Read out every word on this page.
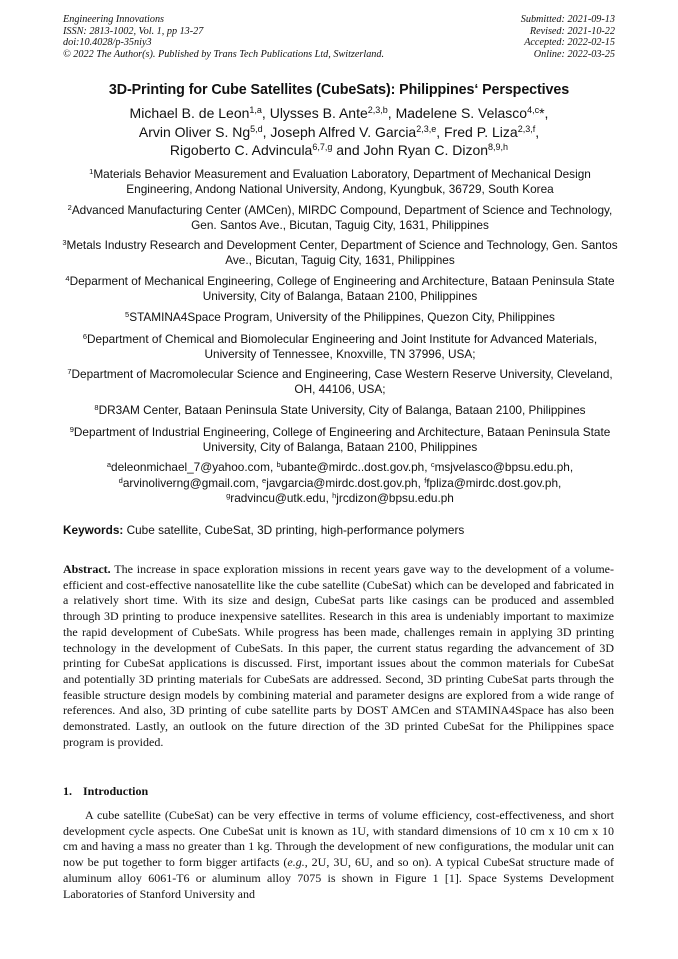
Engineering Innovations
ISSN: 2813-1002, Vol. 1, pp 13-27
doi:10.4028/p-35niy3
© 2022 The Author(s). Published by Trans Tech Publications Ltd, Switzerland.
Submitted: 2021-09-13
Revised: 2021-10-22
Accepted: 2022-02-15
Online: 2022-03-25
3D-Printing for Cube Satellites (CubeSats): Philippines‘ Perspectives
Michael B. de Leon$^{1,a}$, Ulysses B. Ante$^{2,3,b}$, Madelene S. Velasco$^{4,c}$*,
Arvin Oliver S. Ng$^{5,d}$, Joseph Alfred V. Garcia$^{2,3,e}$, Fred P. Liza$^{2,3,f}$,
Rigoberto C. Advincula$^{6,7,g}$ and John Ryan C. Dizon$^{8,9,h}$
$^1$Materials Behavior Measurement and Evaluation Laboratory, Department of Mechanical Design Engineering, Andong National University, Andong, Kyungbuk, 36729, South Korea
$^2$Advanced Manufacturing Center (AMCen), MIRDC Compound, Department of Science and Technology, Gen. Santos Ave., Bicutan, Taguig City, 1631, Philippines
$^3$Metals Industry Research and Development Center, Department of Science and Technology, Gen. Santos Ave., Bicutan, Taguig City, 1631, Philippines
$^4$Deparment of Mechanical Engineering, College of Engineering and Architecture, Bataan Peninsula State University, City of Balanga, Bataan 2100, Philippines
$^5$STAMINA4Space Program, University of the Philippines, Quezon City, Philippines
$^6$Department of Chemical and Biomolecular Engineering and Joint Institute for Advanced Materials, University of Tennessee, Knoxville, TN 37996, USA;
$^7$Department of Macromolecular Science and Engineering, Case Western Reserve University, Cleveland, OH, 44106, USA;
$^8$DR3AM Center, Bataan Peninsula State University, City of Balanga, Bataan 2100, Philippines
$^9$Department of Industrial Engineering, College of Engineering and Architecture, Bataan Peninsula State University, City of Balanga, Bataan 2100, Philippines
$^a$deleonmichael_7@yahoo.com, $^b$ubante@mirdc..dost.gov.ph, $^c$msjvelasco@bpsu.edu.ph,
$^d$arvinoliverng@gmail.com, $^e$javgarcia@mirdc.dost.gov.ph, $^f$fpliza@mirdc.dost.gov.ph,
$^g$radvincu@utk.edu, $^h$jrcdizon@bpsu.edu.ph
Keywords: Cube satellite, CubeSat, 3D printing, high-performance polymers
Abstract. The increase in space exploration missions in recent years gave way to the development of a volume-efficient and cost-effective nanosatellite like the cube satellite (CubeSat) which can be developed and fabricated in a relatively short time. With its size and design, CubeSat parts like casings can be produced and assembled through 3D printing to produce inexpensive satellites. Research in this area is undeniably important to maximize the rapid development of CubeSats. While progress has been made, challenges remain in applying 3D printing technology in the development of CubeSats. In this paper, the current status regarding the advancement of 3D printing for CubeSat applications is discussed. First, important issues about the common materials for CubeSat and potentially 3D printing materials for CubeSats are addressed. Second, 3D printing CubeSat parts through the feasible structure design models by combining material and parameter designs are explored from a wide range of references. And also, 3D printing of cube satellite parts by DOST AMCen and STAMINA4Space has also been demonstrated. Lastly, an outlook on the future direction of the 3D printed CubeSat for the Philippines space program is provided.
1. Introduction
A cube satellite (CubeSat) can be very effective in terms of volume efficiency, cost-effectiveness, and short development cycle aspects. One CubeSat unit is known as 1U, with standard dimensions of 10 cm x 10 cm x 10 cm and having a mass no greater than 1 kg. Through the development of new configurations, the modular unit can now be put together to form bigger artifacts (e.g., 2U, 3U, 6U, and so on). A typical CubeSat structure made of aluminum alloy 6061-T6 or aluminum alloy 7075 is shown in Figure 1 [1]. Space Systems Development Laboratories of Stanford University and
